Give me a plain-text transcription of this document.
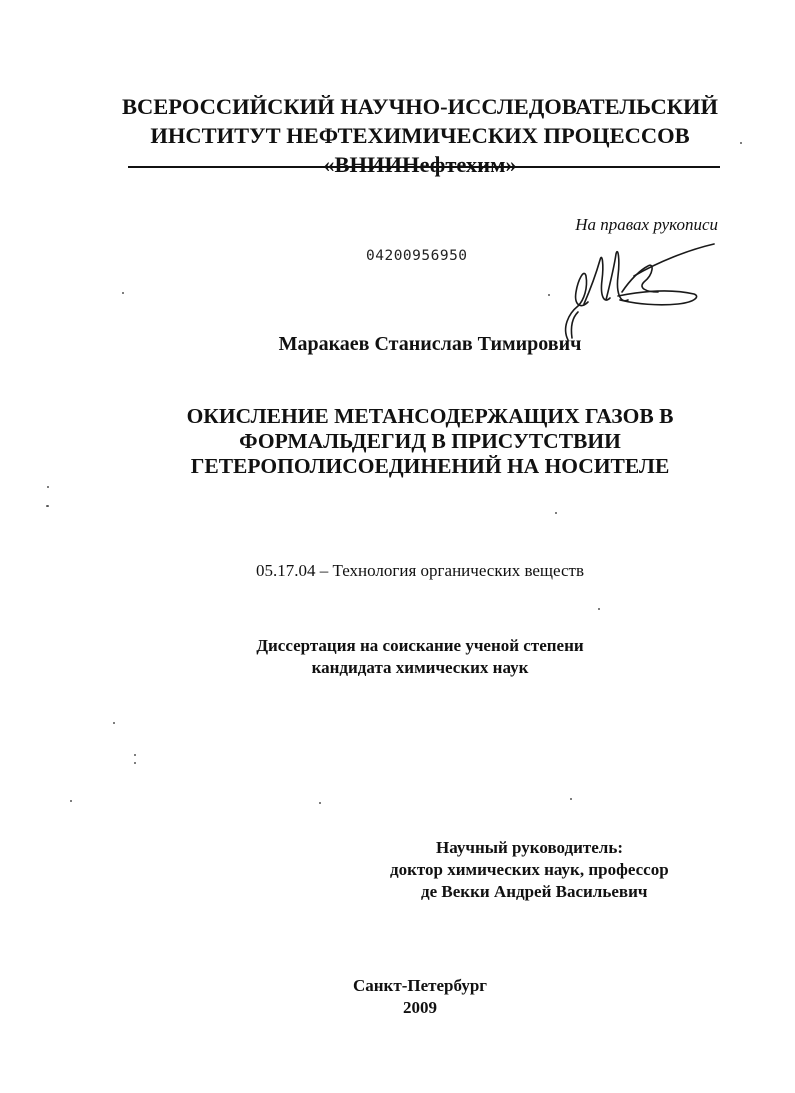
ВСЕРОССИЙСКИЙ НАУЧНО-ИССЛЕДОВАТЕЛЬСКИЙ
ИНСТИТУТ НЕФТЕХИМИЧЕСКИХ ПРОЦЕССОВ
«ВНИИНефтехим»
На правах рукописи
04200956950
Маракаев Станислав Тимирович
ОКИСЛЕНИЕ МЕТАНСОДЕРЖАЩИХ ГАЗОВ В
ФОРМАЛЬДЕГИД В ПРИСУТСТВИИ
ГЕТЕРОПОЛИСОЕДИНЕНИЙ НА НОСИТЕЛЕ
05.17.04 – Технология органических веществ
Диссертация на соискание ученой степени
кандидата химических наук
Научный руководитель:
доктор химических наук, профессор
де Векки Андрей Васильевич
Санкт-Петербург
2009
